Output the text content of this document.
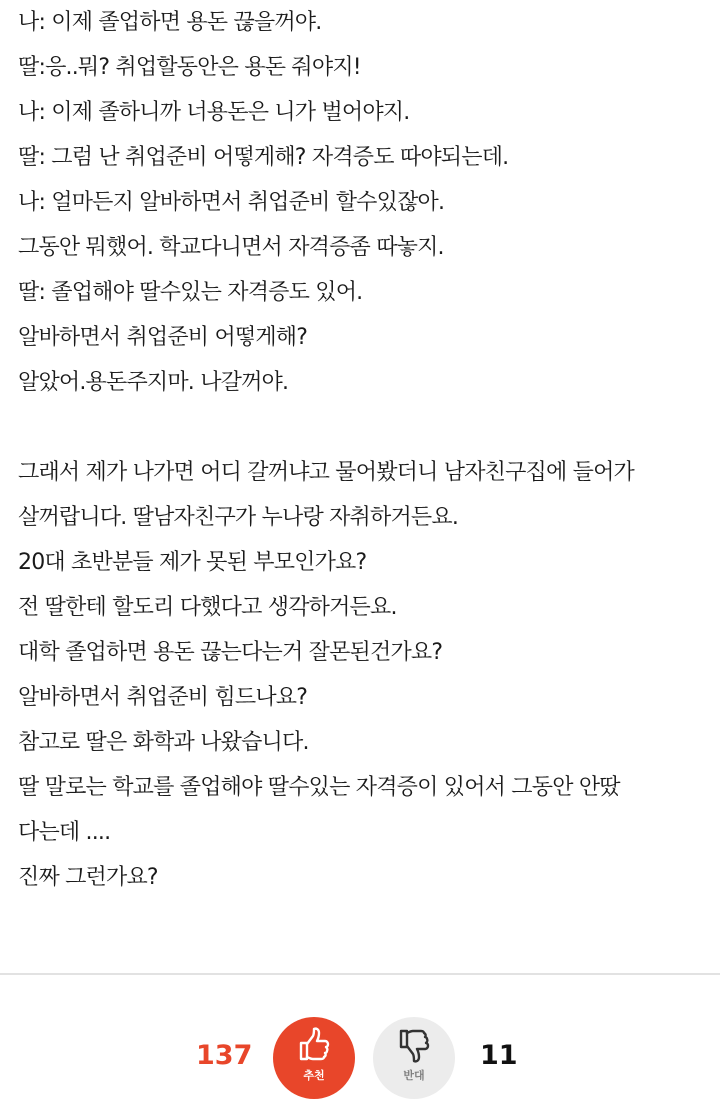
나: 이제 졸업하면 용돈 끊을꺼야.
딸:응..뭐? 취업할동안은 용돈 줘야지!
나: 이제 졸하니까 너용돈은 니가 벌어야지.
딸: 그럼 난 취업준비 어떻게해? 자격증도 따야되는데.
나: 얼마든지 알바하면서 취업준비 할수있잖아.
그동안 뭐했어. 학교다니면서 자격증좀 따놓지.
딸: 졸업해야 딸수있는 자격증도 있어.
알바하면서 취업준비 어떻게해?
알았어.용돈주지마. 나갈꺼야.
그래서 제가 나가면 어디 갈꺼냐고 물어봤더니 남자친구집에 들어가
살꺼랍니다. 딸남자친구가 누나랑 자취하거든요.
20대 초반분들 제가 못된 부모인가요?
전 딸한테 할도리 다했다고 생각하거든요.
대학 졸업하면 용돈 끊는다는거 잘몬된건가요?
알바하면서 취업준비 힘드나요?
참고로 딸은 화학과 나왔습니다.
딸 말로는 학교를 졸업해야 딸수있는 자격증이 있어서 그동안 안땄
다는데 ....
진짜 그런가요?
137
추천	반대
11
